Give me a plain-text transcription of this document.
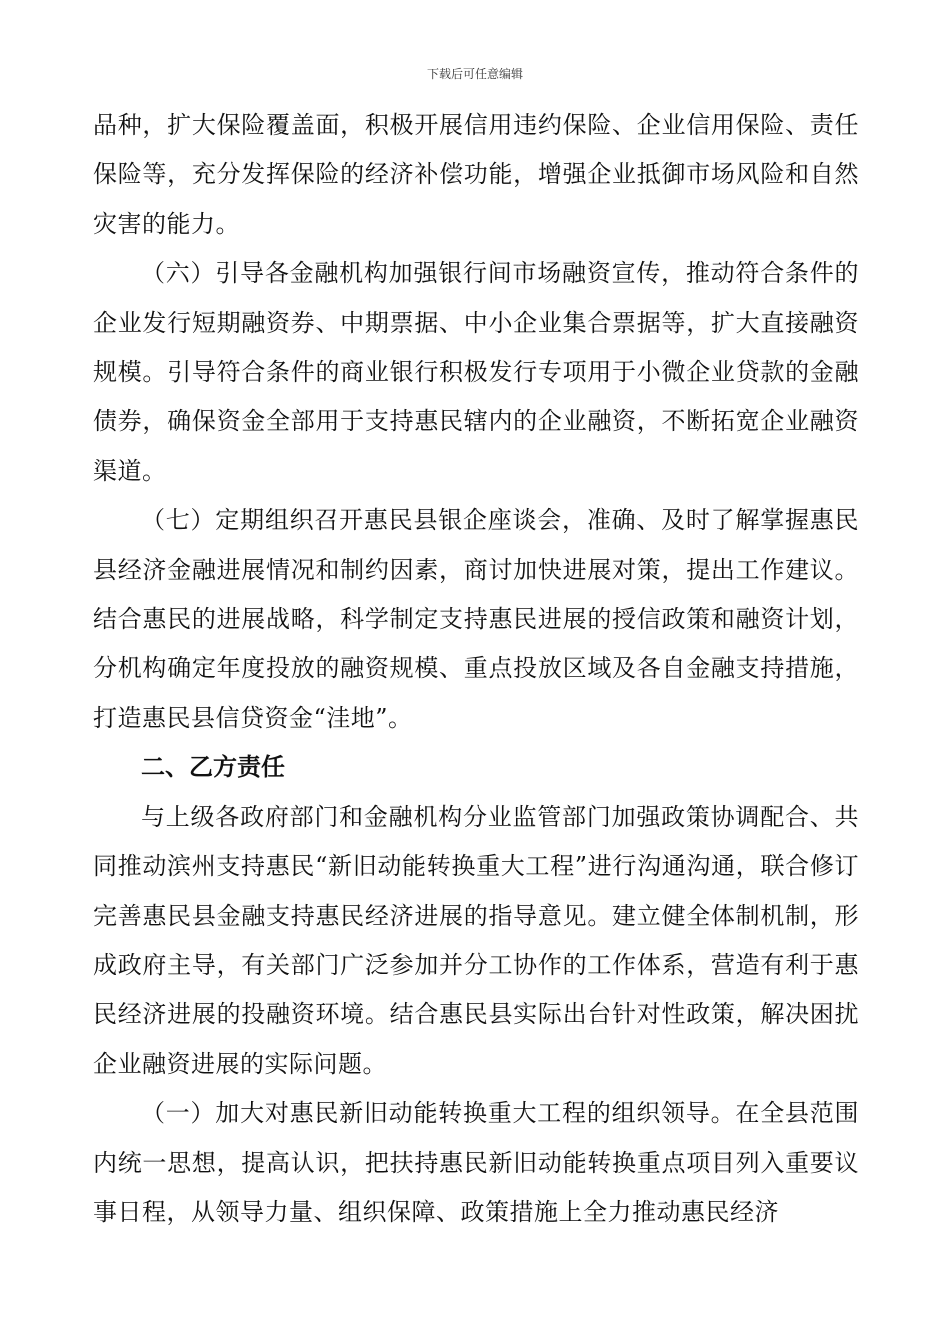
下载后可任意编辑

品种，扩大保险覆盖面，积极开展信用违约保险、企业信用保险、责任保险等，充分发挥保险的经济补偿功能，增强企业抵御市场风险和自然灾害的能力。

（六）引导各金融机构加强银行间市场融资宣传，推动符合条件的企业发行短期融资券、中期票据、中小企业集合票据等，扩大直接融资规模。引导符合条件的商业银行积极发行专项用于小微企业贷款的金融债券，确保资金全部用于支持惠民辖内的企业融资，不断拓宽企业融资渠道。

（七）定期组织召开惠民县银企座谈会，准确、及时了解掌握惠民县经济金融进展情况和制约因素，商讨加快进展对策，提出工作建议。结合惠民的进展战略，科学制定支持惠民进展的授信政策和融资计划，分机构确定年度投放的融资规模、重点投放区域及各自金融支持措施，打造惠民县信贷资金“洼地”。

二、乙方责任

与上级各政府部门和金融机构分业监管部门加强政策协调配合、共同推动滨州支持惠民“新旧动能转换重大工程”进行沟通沟通，联合修订完善惠民县金融支持惠民经济进展的指导意见。建立健全体制机制，形成政府主导，有关部门广泛参加并分工协作的工作体系，营造有利于惠民经济进展的投融资环境。结合惠民县实际出台针对性政策，解决困扰企业融资进展的实际问题。

（一）加大对惠民新旧动能转换重大工程的组织领导。在全县范围内统一思想，提高认识，把扶持惠民新旧动能转换重点项目列入重要议事日程，从领导力量、组织保障、政策措施上全力推动惠民经济
